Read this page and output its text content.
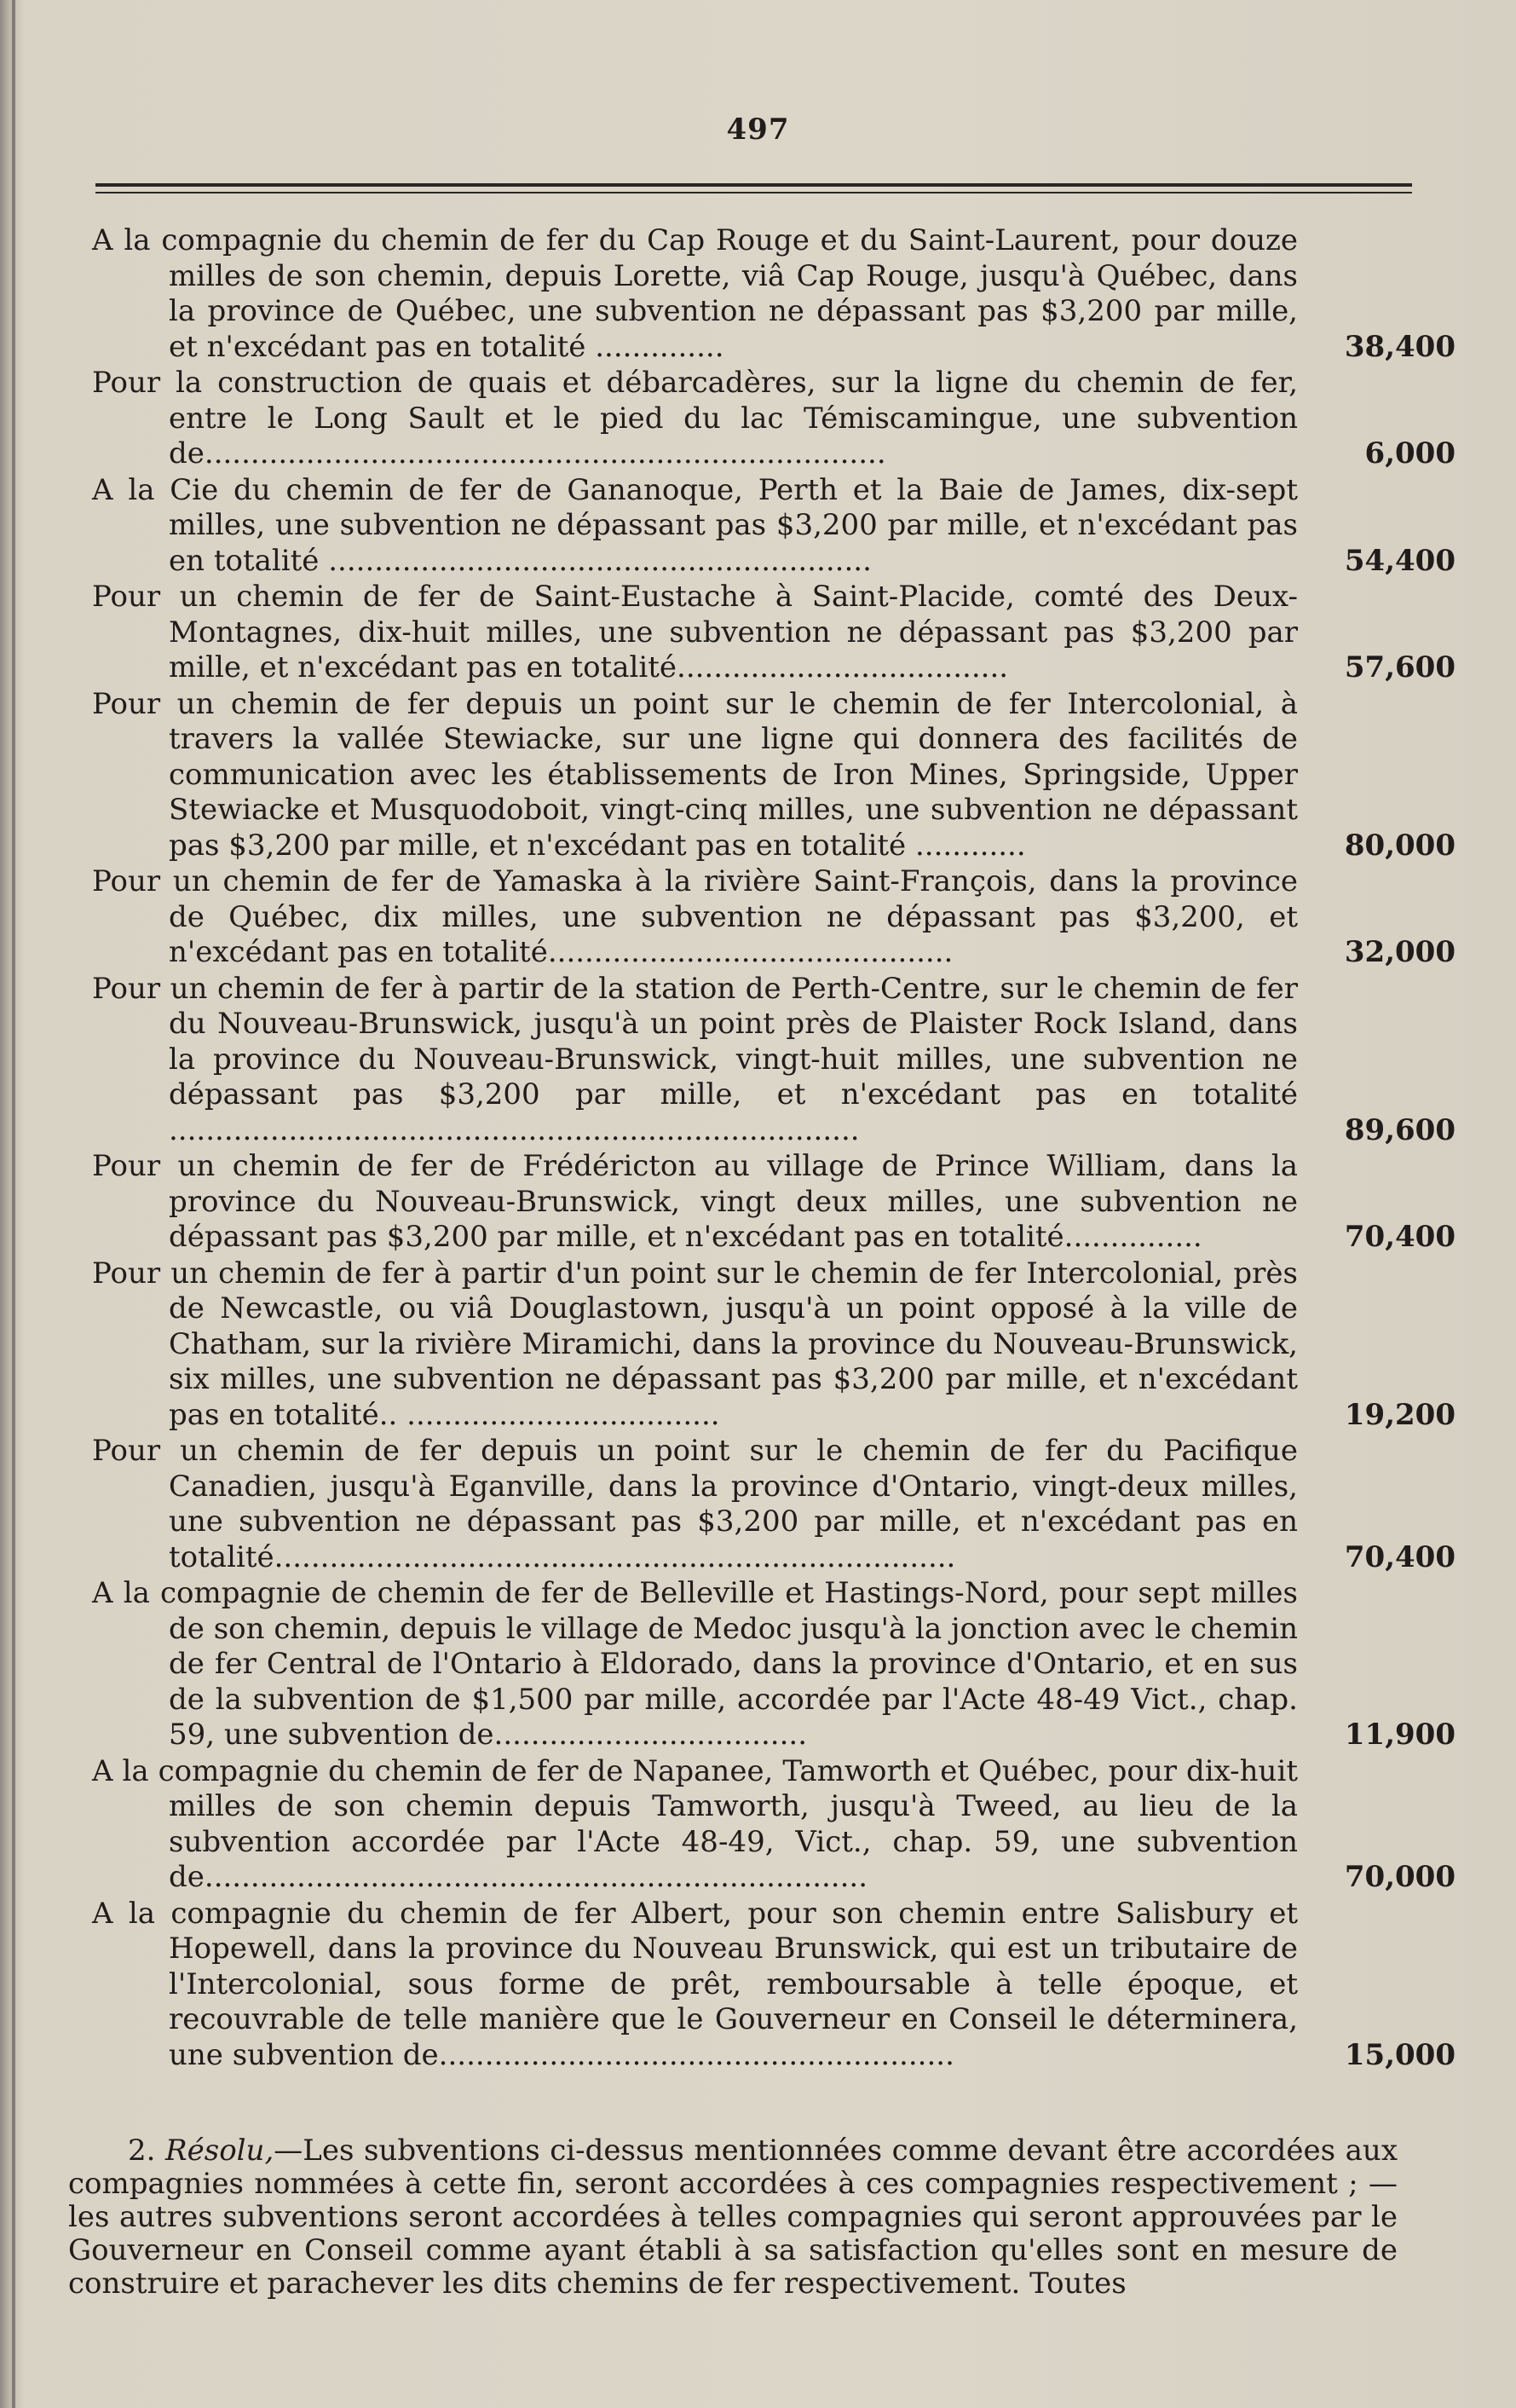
497
A la compagnie du chemin de fer du Cap Rouge et du Saint-Laurent, pour douze milles de son chemin, depuis Lorette, viâ Cap Rouge, jusqu'à Québec, dans la province de Québec, une subvention ne dépassant pas $3,200 par mille, et n'excédant pas en totalité ..............	38,400
Pour la construction de quais et débarcadères, sur la ligne du chemin de fer, entre le Long Sault et le pied du lac Témiscamingue, une subvention de..........................................................................	6,000
A la Cie du chemin de fer de Gananoque, Perth et la Baie de James, dix-sept milles, une subvention ne dépassant pas $3,200 par mille, et n'excédant pas en totalité ...........................................................	54,400
Pour un chemin de fer de Saint-Eustache à Saint-Placide, comté des Deux-Montagnes, dix-huit milles, une subvention ne dépassant pas $3,200 par mille, et n'excédant pas en totalité....................................	57,600
Pour un chemin de fer depuis un point sur le chemin de fer Intercolonial, à travers la vallée Stewiacke, sur une ligne qui donnera des facilités de communication avec les établissements de Iron Mines, Springside, Upper Stewiacke et Musquodoboit, vingt-cinq milles, une subvention ne dépassant pas $3,200 par mille, et n'excédant pas en totalité ............	80,000
Pour un chemin de fer de Yamaska à la rivière Saint-François, dans la province de Québec, dix milles, une subvention ne dépassant pas $3,200, et n'excédant pas en totalité............................................	32,000
Pour un chemin de fer à partir de la station de Perth-Centre, sur le chemin de fer du Nouveau-Brunswick, jusqu'à un point près de Plaister Rock Island, dans la province du Nouveau-Brunswick, vingt-huit milles, une subvention ne dépassant pas $3,200 par mille, et n'excédant pas en totalité ...........................................................................	89,600
Pour un chemin de fer de Frédéricton au village de Prince William, dans la province du Nouveau-Brunswick, vingt deux milles, une subvention ne dépassant pas $3,200 par mille, et n'excédant pas en totalité...............	70,400
Pour un chemin de fer à partir d'un point sur le chemin de fer Intercolonial, près de Newcastle, ou viâ Douglastown, jusqu'à un point opposé à la ville de Chatham, sur la rivière Miramichi, dans la province du Nouveau-Brunswick, six milles, une subvention ne dépassant pas $3,200 par mille, et n'excédant pas en totalité.. ..................................	19,200
Pour un chemin de fer depuis un point sur le chemin de fer du Pacifique Canadien, jusqu'à Eganville, dans la province d'Ontario, vingt-deux milles, une subvention ne dépassant pas $3,200 par mille, et n'excédant pas en totalité..........................................................................	70,400
A la compagnie de chemin de fer de Belleville et Hastings-Nord, pour sept milles de son chemin, depuis le village de Medoc jusqu'à la jonction avec le chemin de fer Central de l'Ontario à Eldorado, dans la province d'Ontario, et en sus de la subvention de $1,500 par mille, accordée par l'Acte 48-49 Vict., chap. 59, une subvention de..................................	11,900
A la compagnie du chemin de fer de Napanee, Tamworth et Québec, pour dix-huit milles de son chemin depuis Tamworth, jusqu'à Tweed, au lieu de la subvention accordée par l'Acte 48-49, Vict., chap. 59, une subvention de........................................................................	70,000
A la compagnie du chemin de fer Albert, pour son chemin entre Salisbury et Hopewell, dans la province du Nouveau Brunswick, qui est un tributaire de l'Intercolonial, sous forme de prêt, remboursable à telle époque, et recouvrable de telle manière que le Gouverneur en Conseil le déterminera, une subvention de........................................................	15,000

2. Résolu,—Les subventions ci-dessus mentionnées comme devant être accordées aux compagnies nommées à cette fin, seront accordées à ces compagnies respectivement ; —les autres subventions seront accordées à telles compagnies qui seront approuvées par le Gouverneur en Conseil comme ayant établi à sa satisfaction qu'elles sont en mesure de construire et parachever les dits chemins de fer respectivement. Toutes
